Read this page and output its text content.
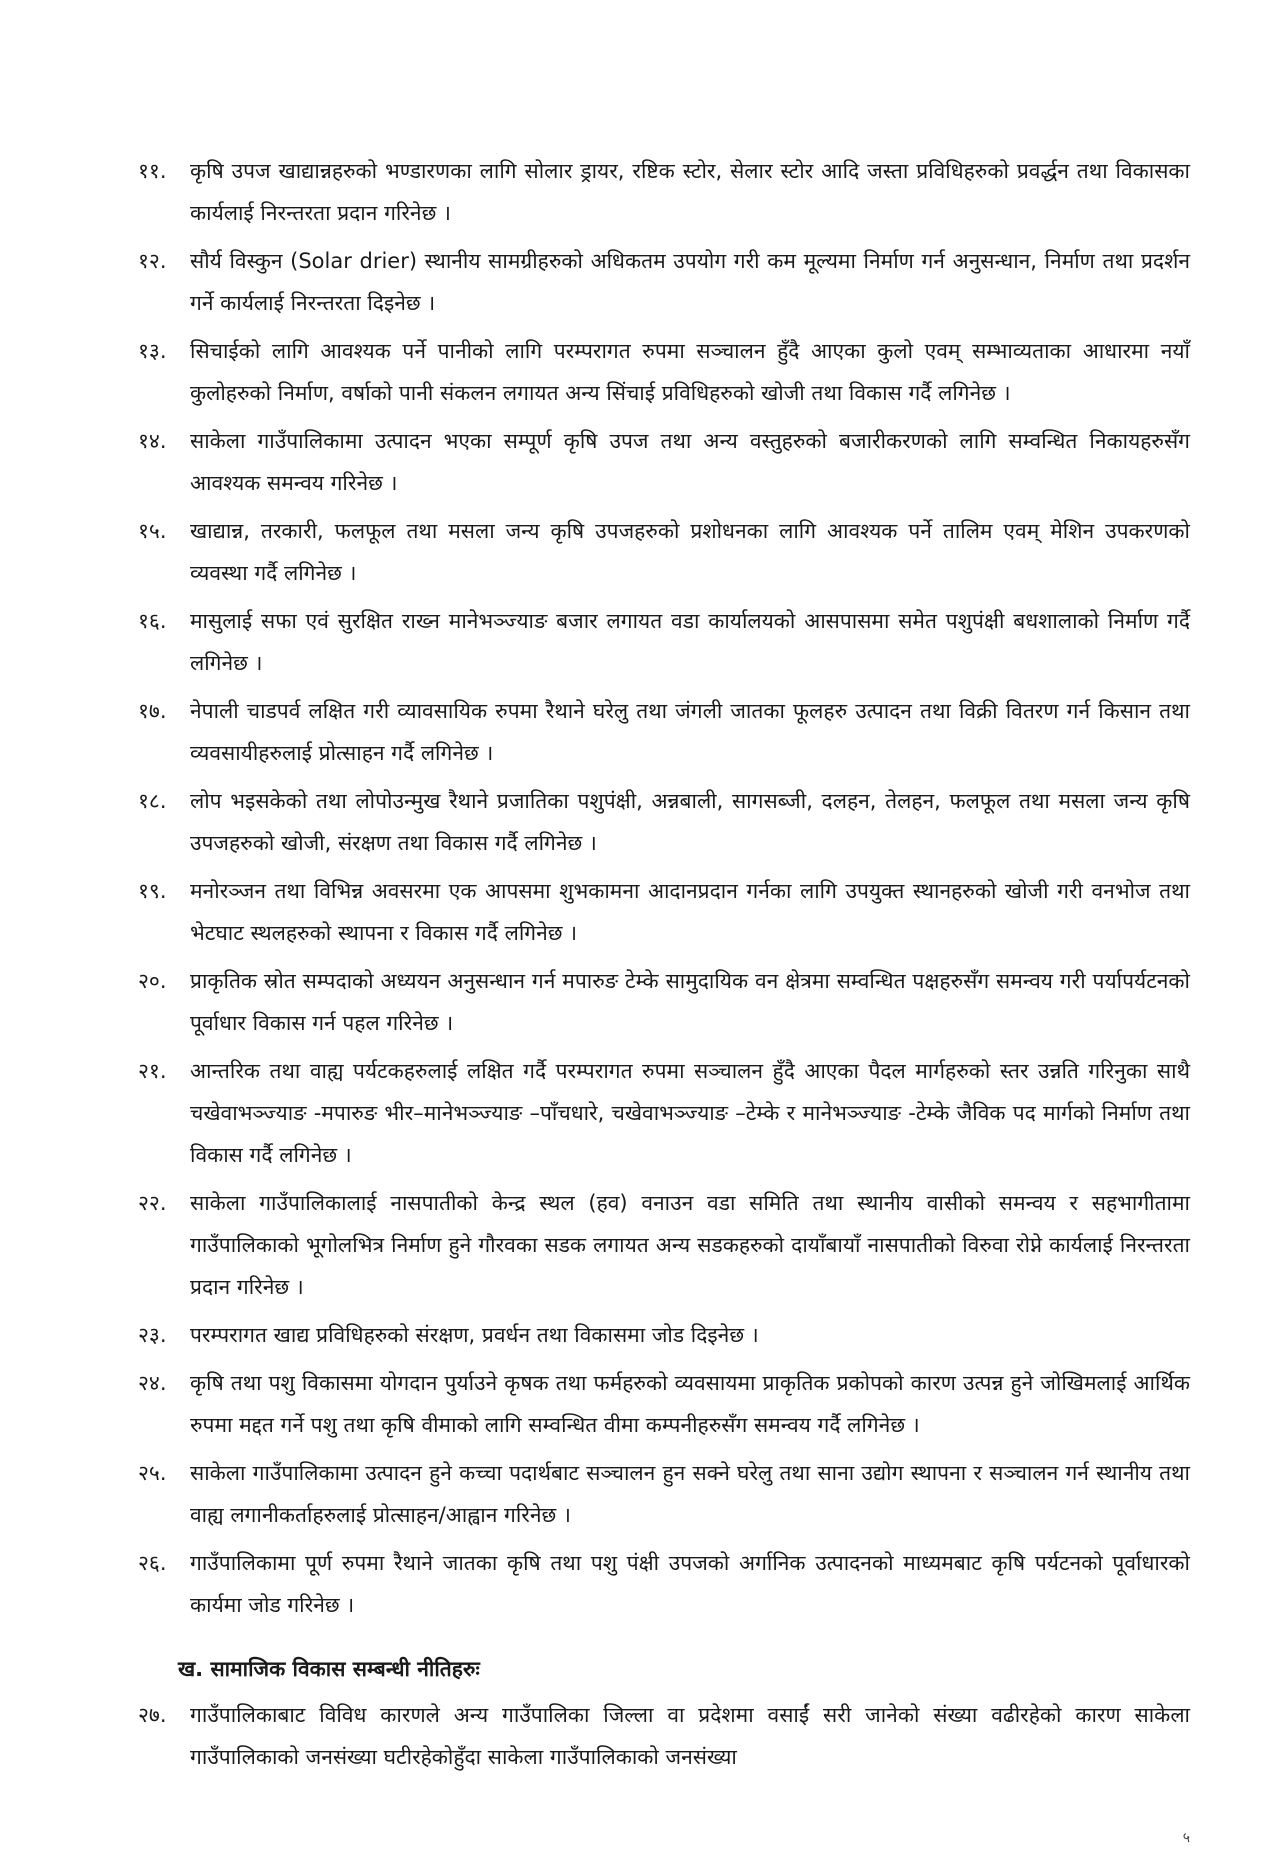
११.	कृषि उपज खाद्यान्नहरुको भण्डारणका लागि सोलार ड्रायर, रष्टिक स्टोर, सेलार स्टोर आदि जस्ता प्रविधिहरुको प्रवर्द्धन तथा विकासका कार्यलाई निरन्तरता प्रदान गरिनेछ ।
१२.	सौर्य विस्कुन (Solar drier) स्थानीय सामग्रीहरुको अधिकतम उपयोग गरी कम मूल्यमा निर्माण गर्न अनुसन्धान, निर्माण तथा प्रदर्शन गर्ने कार्यलाई निरन्तरता दिइनेछ ।
१३.	सिचाईको लागि आवश्यक पर्ने पानीको लागि परम्परागत रुपमा सञ्चालन हुँदै आएका कुलो एवम् सम्भाव्यताका आधारमा नयाँ कुलोहरुको निर्माण, वर्षाको पानी संकलन लगायत अन्य सिंचाई प्रविधिहरुको खोजी तथा विकास गर्दै लगिनेछ ।
१४.	साकेला गाउँपालिकामा उत्पादन भएका सम्पूर्ण कृषि उपज तथा अन्य वस्तुहरुको बजारीकरणको लागि सम्वन्धित निकायहरुसँग आवश्यक समन्वय गरिनेछ ।
१५.	खाद्यान्न, तरकारी, फलफूल तथा मसला जन्य कृषि उपजहरुको प्रशोधनका लागि आवश्यक पर्ने तालिम एवम् मेशिन उपकरणको व्यवस्था गर्दै लगिनेछ ।
१६.	मासुलाई सफा एवं सुरक्षित राख्न मानेभञ्ज्याङ बजार लगायत वडा कार्यालयको आसपासमा समेत पशुपंक्षी बधशालाको निर्माण गर्दै लगिनेछ ।
१७.	नेपाली चाडपर्व लक्षित गरी व्यावसायिक रुपमा रैथाने घरेलु तथा जंगली जातका फूलहरु उत्पादन तथा विक्री वितरण गर्न किसान तथा व्यवसायीहरुलाई प्रोत्साहन गर्दै लगिनेछ ।
१८.	लोप भइसकेको तथा लोपोउन्मुख रैथाने प्रजातिका पशुपंक्षी, अन्नबाली, सागसब्जी, दलहन, तेलहन, फलफूल तथा मसला जन्य कृषि उपजहरुको खोजी, संरक्षण तथा विकास गर्दै लगिनेछ ।
१९.	मनोरञ्जन तथा विभिन्न अवसरमा एक आपसमा शुभकामना आदानप्रदान गर्नका लागि उपयुक्त स्थानहरुको खोजी गरी वनभोज तथा भेटघाट स्थलहरुको स्थापना र विकास गर्दै लगिनेछ ।
२०.	प्राकृतिक स्रोत सम्पदाको अध्ययन अनुसन्धान गर्न मपारुङ टेम्के सामुदायिक वन क्षेत्रमा सम्वन्धित पक्षहरुसँग समन्वय गरी पर्यापर्यटनको पूर्वाधार विकास गर्न पहल गरिनेछ ।
२१.	आन्तरिक तथा वाह्य पर्यटकहरुलाई लक्षित गर्दै परम्परागत रुपमा सञ्चालन हुँदै आएका पैदल मार्गहरुको स्तर उन्नति गरिनुका साथै चखेवाभञ्ज्याङ -मपारुङ भीर–मानेभञ्ज्याङ –पाँचधारे, चखेवाभञ्ज्याङ –टेम्के र मानेभञ्ज्याङ -टेम्के जैविक पद मार्गको निर्माण तथा विकास गर्दै लगिनेछ ।
२२.	साकेला गाउँपालिकालाई नासपातीको केन्द्र स्थल (हव) वनाउन वडा समिति तथा स्थानीय वासीको समन्वय र सहभागीतामा गाउँपालिकाको भूगोलभित्र निर्माण हुने गौरवका सडक लगायत अन्य सडकहरुको दायाँबायाँ नासपातीको विरुवा रोप्ने कार्यलाई निरन्तरता प्रदान गरिनेछ ।
२३.	परम्परागत खाद्य प्रविधिहरुको संरक्षण, प्रवर्धन तथा विकासमा जोड दिइनेछ ।
२४.	कृषि तथा पशु विकासमा योगदान पुर्याउने कृषक तथा फर्महरुको व्यवसायमा प्राकृतिक प्रकोपको कारण उत्पन्न हुने जोखिमलाई आर्थिक रुपमा मद्दत गर्ने पशु तथा कृषि वीमाको लागि सम्वन्धित वीमा कम्पनीहरुसँग समन्वय गर्दै लगिनेछ ।
२५.	साकेला गाउँपालिकामा उत्पादन हुने कच्चा पदार्थबाट सञ्चालन हुन सक्ने घरेलु तथा साना उद्योग स्थापना र सञ्चालन गर्न स्थानीय तथा वाह्य लगानीकर्ताहरुलाई प्रोत्साहन/आह्वान गरिनेछ ।
२६.	गाउँपालिकामा पूर्ण रुपमा रैथाने जातका कृषि तथा पशु पंक्षी उपजको अर्गानिक उत्पादनको माध्यमबाट कृषि पर्यटनको पूर्वाधारको कार्यमा जोड गरिनेछ ।
ख. सामाजिक विकास सम्बन्धी नीतिहरुः
२७.	गाउँपालिकाबाट विविध कारणले अन्य गाउँपालिका जिल्ला वा प्रदेशमा वसाईं सरी जानेको संख्या वढीरहेको कारण साकेला गाउँपालिकाको जनसंख्या घटीरहेकोहुँदा साकेला गाउँपालिकाको जनसंख्या
५
